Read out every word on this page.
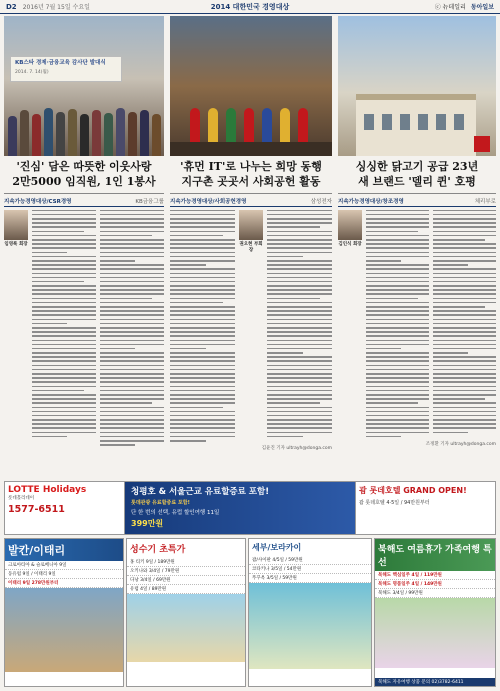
D2 2016년 7월 15일 수요일	2014 대한민국 경영대상	ⓒ 뉴데일리 동아일보
KB스타 경제·금융교육 감사단 발대식
2014. 7. 14(월)
'진심' 담은 따뜻한 이웃사랑
2만5000 임직원, 1인 1봉사
지속가능경영대상/CSR경영	KB금융그룹
임영록 회장
'휴먼 IT'로 나누는 희망 동행
지구촌 곳곳서 사회공헌 활동
지속가능경영대상/사회공헌경영	삼성전자
권오현 부회장
김윤진 기자 ultrayh@donga.com
싱싱한 닭고기 공급 23년
새 브랜드 '델리 퀸' 호평
지속가능경영대상/창조경영	체리부로
김인식 회장
조정환 기자 ultrayh@donga.com
LOTTE Holidays
롯데홀리데이
1577-6511
청평호 & 서울근교 유료할증료 포함!
롯데관광 유료할증료 포함!
단 한 번의 선택, 유럽 할인여행 11일
399만원
괌 롯데호텔 GRAND OPEN!
괌 롯데호텔 4·5일 / 94만원부터
발칸/이태리
크로아티아 & 슬로베니아 9일
동유럽 9일 / 이태리 9일
이태리 9일 278만원부터
성수기 초특가
홍 티키 9일 / 189만원
오키나와 3/4일 / 79만원
다낭 3/4일 / 69만원
유럽 4일 / 89만원
세부/보라카이
괌/사이판 4/5일 / 59만원
코타키나 3/5일 / 54만원
푸꾸옥 3/5일 / 59만원
북해도 여름휴가 가족여행 특선
북해도 핵심일주 4일 / 119만원
북해도 명품일주 4일 / 149만원
북해도 3/4일 / 99만원
북해도 자유여행 상품 문의 02)3782-6411
